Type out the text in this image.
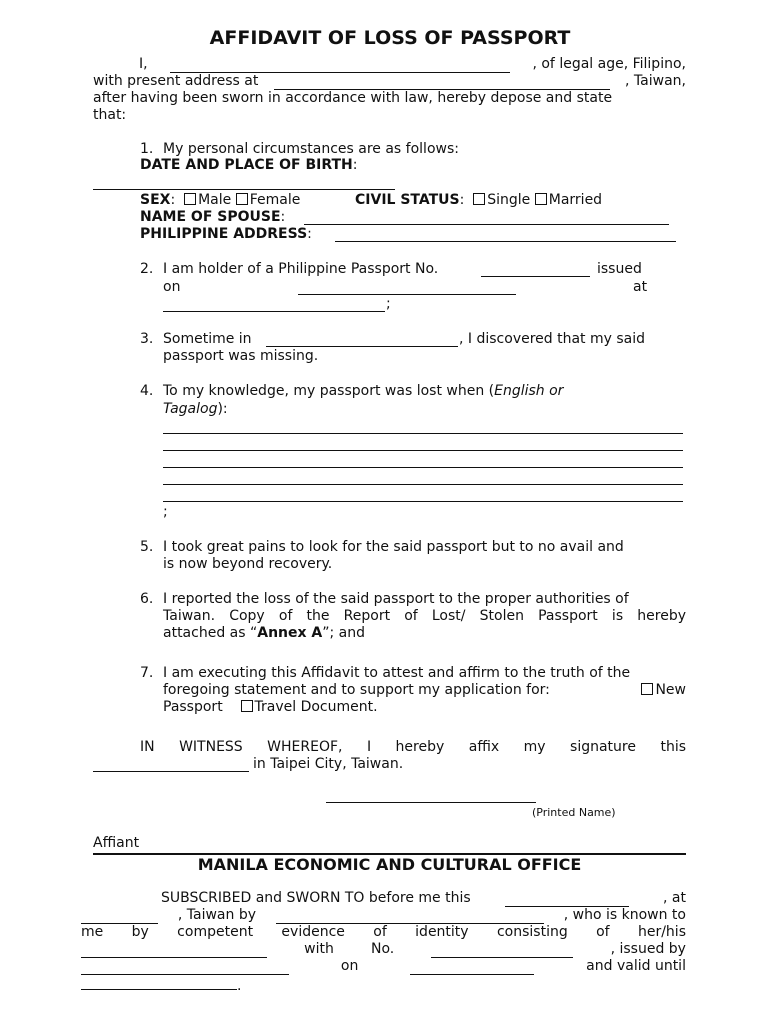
AFFIDAVIT OF LOSS OF PASSPORT
I,	, of legal age, Filipino,
with present address at	, Taiwan,
after having been sworn in accordance with law, hereby depose and state
that:
1. My personal circumstances are as follows:
DATE AND PLACE OF BIRTH:
SEX: Male Female	CIVIL STATUS: Single Married
NAME OF SPOUSE:
PHILIPPINE ADDRESS:
2. I am holder of a Philippine Passport No.	issued
on	at
;
3. Sometime in	, I discovered that my said
passport was missing.
4. To my knowledge, my passport was lost when (English or
Tagalog):
;
5. I took great pains to look for the said passport but to no avail and
is now beyond recovery.
6. I reported the loss of the said passport to the proper authorities of
Taiwan. Copy of the Report of Lost/ Stolen Passport is hereby
attached as “Annex A”; and
7. I am executing this Affidavit to attest and affirm to the truth of the
foregoing statement and to support my application for:	New
Passport Travel Document.
IN WITNESS WHEREOF, I hereby affix my signature this
in Taipei City, Taiwan.
(Printed Name)
Affiant
MANILA ECONOMIC AND CULTURAL OFFICE
SUBSCRIBED and SWORN TO before me this	, at
, Taiwan by	, who is known to
me by competent evidence of identity consisting of her/his
with	No.	, issued by
on	and valid until
.
